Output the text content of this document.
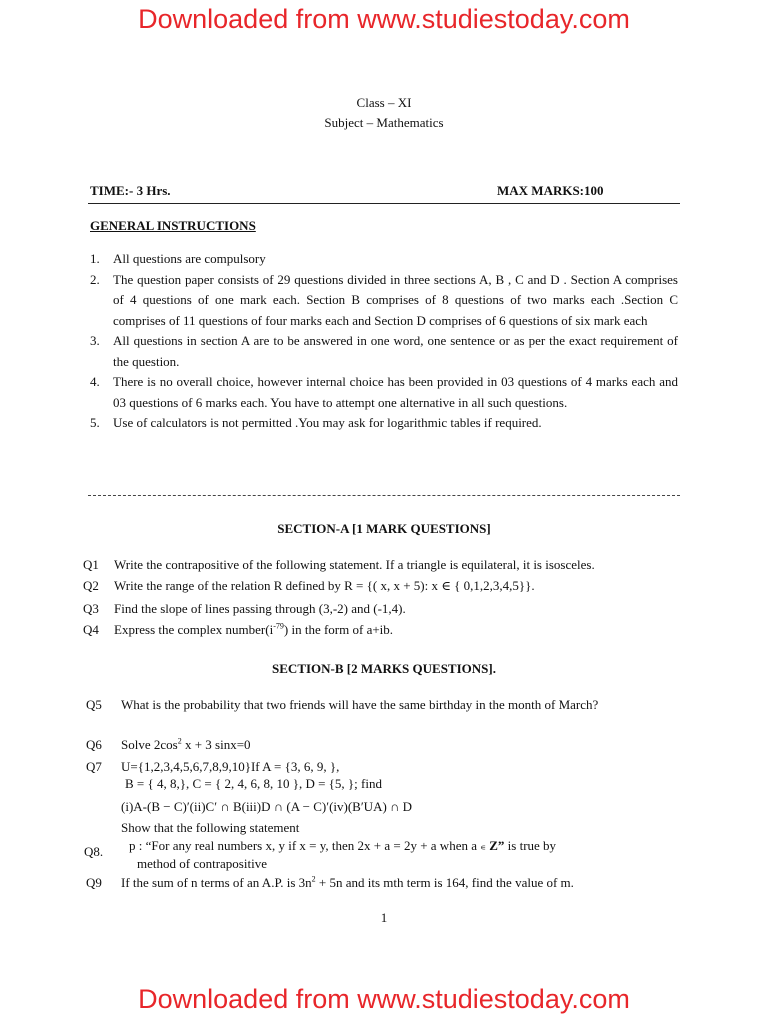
Downloaded from www.studiestoday.com
Class – XI
Subject – Mathematics
TIME:- 3 Hrs.	MAX MARKS:100
GENERAL INSTRUCTIONS
1.	All questions are compulsory
2.	The question paper consists of 29 questions divided in three sections A, B , C and D . Section A comprises of 4 questions of one mark each. Section B comprises of 8 questions of two marks each .Section C comprises of 11 questions of four marks each and Section D comprises of 6 questions of six mark each
3.	All questions in section A are to be answered in one word, one sentence or as per the exact requirement of the question.
4.	There is no overall choice, however internal choice has been provided in 03 questions of 4 marks each and 03 questions of 6 marks each. You have to attempt one alternative in all such questions.
5.	Use of calculators is not permitted .You may ask for logarithmic tables if required.
SECTION-A [1 MARK QUESTIONS]
Q1	Write the contrapositive of the following statement. If a triangle is equilateral, it is isosceles.
Q2	Write the range of the relation R defined by R = {( x, x + 5): x ∈ { 0,1,2,3,4,5}}.
Q3	Find the slope of lines passing through (3,-2) and (-1,4).
Q4	Express the complex $number(i^{-79})$ in the form of a+ib.
SECTION-B [2 MARKS QUESTIONS].
Q5	What is the probability that two friends will have the same birthday in the month of March?
Q6	Solve $2\cos^2$ x + 3 sinx=0
Q7	U={1,2,3,4,5,6,7,8,9,10}If A = {3, 6, 9, },
B = { 4, 8,}, C = { 2, 4, 6, 8, 10 }, D = {5, }; find
(i)A-(B − C)′(ii)C′ ∩ B(iii)D ∩ (A − C)′(iv)(B′UA) ∩ D
Show that the following statement
Q8. p : “For any real numbers x, y if x = y, then 2x + a = 2y + a when a ∊ Z” is true by
method of contrapositive
Q9	If the sum of n terms of an A.P. is $3n^2 + 5n$ and its mth term is 164, find the value of m.
1
Downloaded from www.studiestoday.com
